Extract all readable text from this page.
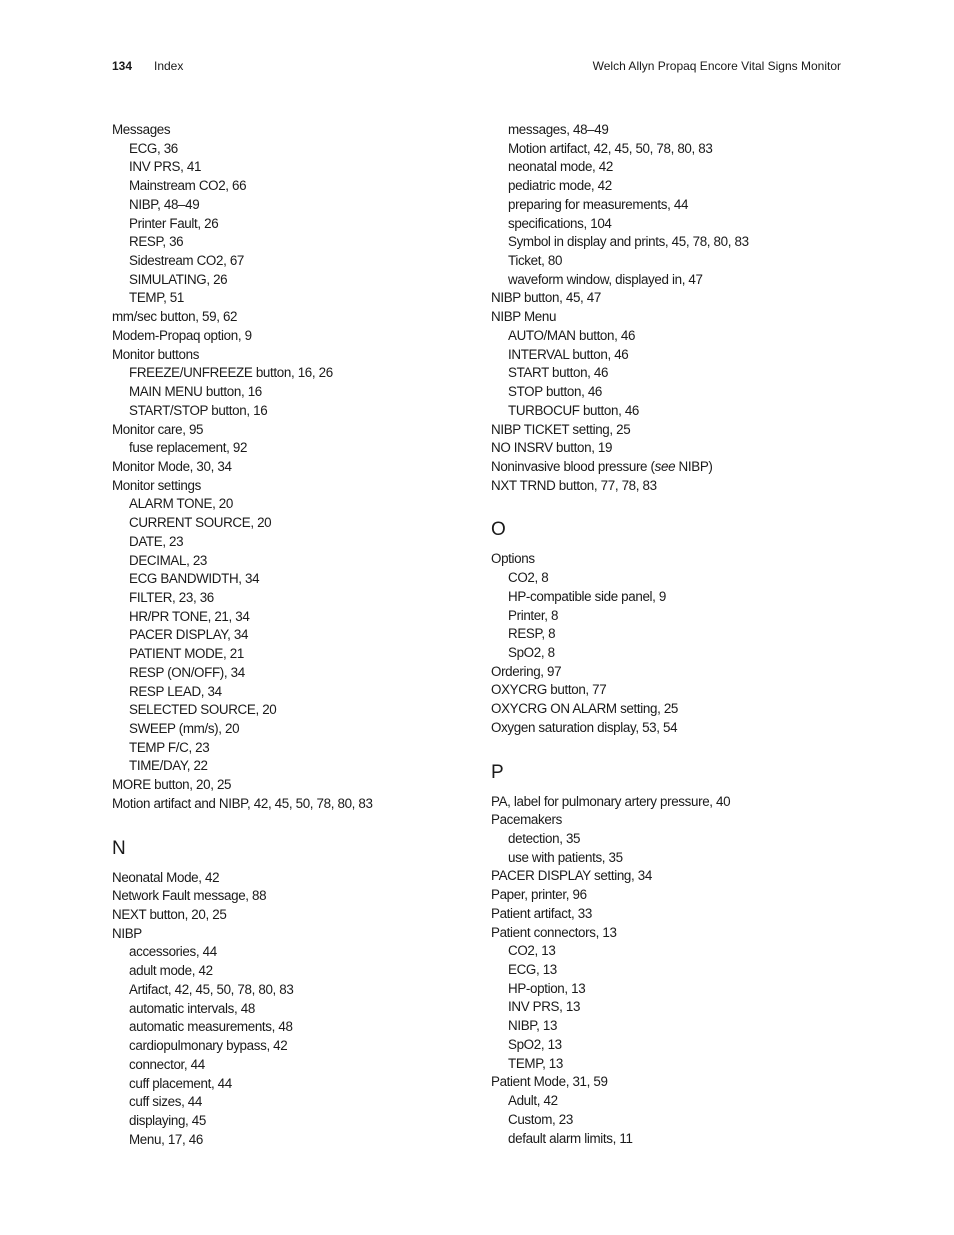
134 Index	Welch Allyn Propaq Encore Vital Signs Monitor
Messages
ECG, 36
INV PRS, 41
Mainstream CO2, 66
NIBP, 48–49
Printer Fault, 26
RESP, 36
Sidestream CO2, 67
SIMULATING, 26
TEMP, 51
mm/sec button, 59, 62
Modem-Propaq option, 9
Monitor buttons
FREEZE/UNFREEZE button, 16, 26
MAIN MENU button, 16
START/STOP button, 16
Monitor care, 95
fuse replacement, 92
Monitor Mode, 30, 34
Monitor settings
ALARM TONE, 20
CURRENT SOURCE, 20
DATE, 23
DECIMAL, 23
ECG BANDWIDTH, 34
FILTER, 23, 36
HR/PR TONE, 21, 34
PACER DISPLAY, 34
PATIENT MODE, 21
RESP (ON/OFF), 34
RESP LEAD, 34
SELECTED SOURCE, 20
SWEEP (mm/s), 20
TEMP F/C, 23
TIME/DAY, 22
MORE button, 20, 25
Motion artifact and NIBP, 42, 45, 50, 78, 80, 83
N
Neonatal Mode, 42
Network Fault message, 88
NEXT button, 20, 25
NIBP
accessories, 44
adult mode, 42
Artifact, 42, 45, 50, 78, 80, 83
automatic intervals, 48
automatic measurements, 48
cardiopulmonary bypass, 42
connector, 44
cuff placement, 44
cuff sizes, 44
displaying, 45
Menu, 17, 46
messages, 48–49
Motion artifact, 42, 45, 50, 78, 80, 83
neonatal mode, 42
pediatric mode, 42
preparing for measurements, 44
specifications, 104
Symbol in display and prints, 45, 78, 80, 83
Ticket, 80
waveform window, displayed in, 47
NIBP button, 45, 47
NIBP Menu
AUTO/MAN button, 46
INTERVAL button, 46
START button, 46
STOP button, 46
TURBOCUF button, 46
NIBP TICKET setting, 25
NO INSRV button, 19
Noninvasive blood pressure (see NIBP)
NXT TRND button, 77, 78, 83
O
Options
CO2, 8
HP-compatible side panel, 9
Printer, 8
RESP, 8
SpO2, 8
Ordering, 97
OXYCRG button, 77
OXYCRG ON ALARM setting, 25
Oxygen saturation display, 53, 54
P
PA, label for pulmonary artery pressure, 40
Pacemakers
detection, 35
use with patients, 35
PACER DISPLAY setting, 34
Paper, printer, 96
Patient artifact, 33
Patient connectors, 13
CO2, 13
ECG, 13
HP-option, 13
INV PRS, 13
NIBP, 13
SpO2, 13
TEMP, 13
Patient Mode, 31, 59
Adult, 42
Custom, 23
default alarm limits, 11
